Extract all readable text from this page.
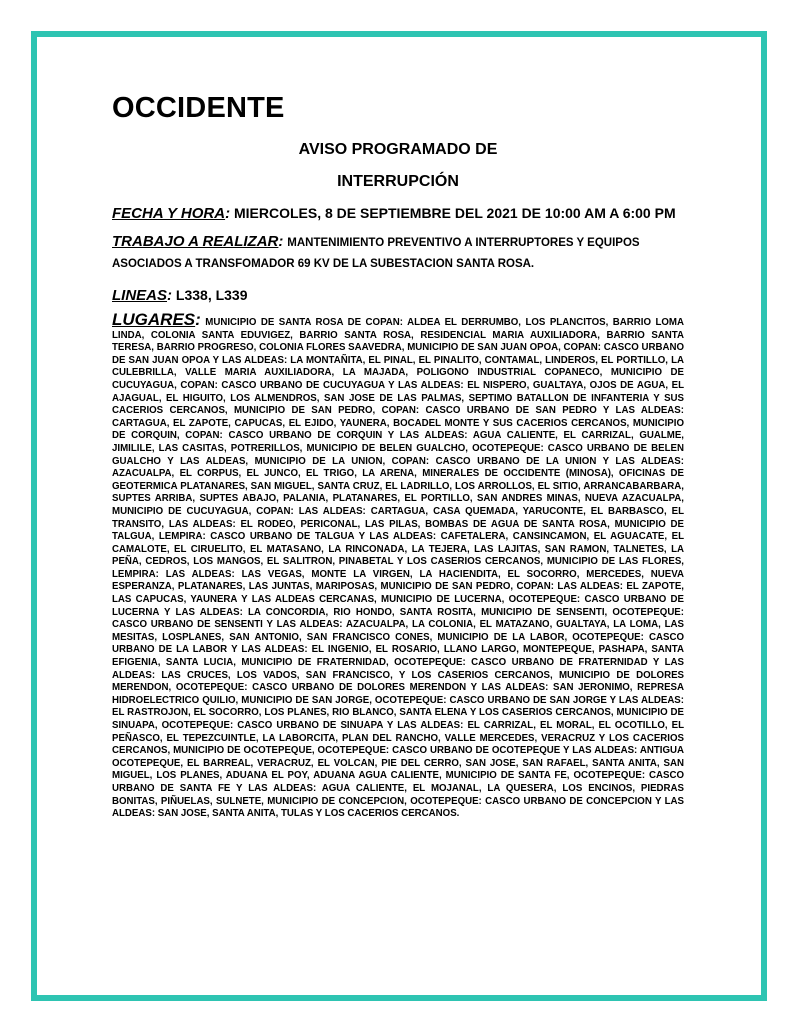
OCCIDENTE
AVISO PROGRAMADO DE
INTERRUPCIÓN
FECHA Y HORA: MIERCOLES, 8 DE SEPTIEMBRE DEL 2021 DE 10:00 AM A 6:00 PM
TRABAJO A REALIZAR: MANTENIMIENTO PREVENTIVO A INTERRUPTORES Y EQUIPOS ASOCIADOS A TRANSFOMADOR 69 KV DE LA SUBESTACION SANTA ROSA.
LINEAS: L338, L339
LUGARES: MUNICIPIO DE SANTA ROSA DE COPAN: ALDEA EL DERRUMBO, LOS PLANCITOS, BARRIO LOMA LINDA, COLONIA SANTA EDUVIGEZ, BARRIO SANTA ROSA, RESIDENCIAL MARIA AUXILIADORA, BARRIO SANTA TERESA, BARRIO PROGRESO, COLONIA FLORES SAAVEDRA, MUNICIPIO DE SAN JUAN OPOA, COPAN: CASCO URBANO DE SAN JUAN OPOA Y LAS ALDEAS: LA MONTAÑITA, EL PINAL, EL PINALITO, CONTAMAL, LINDEROS, EL PORTILLO, LA CULEBRILLA, VALLE MARIA AUXILIADORA, LA MAJADA, POLIGONO INDUSTRIAL COPANECO, MUNICIPIO DE CUCUYAGUA, COPAN: CASCO URBANO DE CUCUYAGUA Y LAS ALDEAS: EL NISPERO, GUALTAYA, OJOS DE AGUA, EL AJAGUAL, EL HIGUITO, LOS ALMENDROS, SAN JOSE DE LAS PALMAS, SEPTIMO BATALLON DE INFANTERIA Y SUS CACERIOS CERCANOS, MUNICIPIO DE SAN PEDRO, COPAN: CASCO URBANO DE SAN PEDRO Y LAS ALDEAS: CARTAGUA, EL ZAPOTE, CAPUCAS, EL EJIDO, YAUNERA, BOCADEL MONTE Y SUS CACERIOS CERCANOS, MUNICIPIO DE CORQUIN, COPAN: CASCO URBANO DE CORQUIN Y LAS ALDEAS: AGUA CALIENTE, EL CARRIZAL, GUALME, JIMILILE, LAS CASITAS, POTRERILLOS, MUNICIPIO DE BELEN GUALCHO, OCOTEPEQUE: CASCO URBANO DE BELEN GUALCHO Y LAS ALDEAS, MUNICIPIO DE LA UNION, COPAN: CASCO URBANO DE LA UNION Y LAS ALDEAS: AZACUALPA, EL CORPUS, EL JUNCO, EL TRIGO, LA ARENA, MINERALES DE OCCIDENTE (MINOSA), OFICINAS DE GEOTERMICA PLATANARES, SAN MIGUEL, SANTA CRUZ, EL LADRILLO, LOS ARROLLOS, EL SITIO, ARRANCABARBARA, SUPTES ARRIBA, SUPTES ABAJO, PALANIA, PLATANARES, EL PORTILLO, SAN ANDRES MINAS, NUEVA AZACUALPA, MUNICIPIO DE CUCUYAGUA, COPAN: LAS ALDEAS: CARTAGUA, CASA QUEMADA, YARUCONTE, EL BARBASCO, EL TRANSITO, LAS ALDEAS: EL RODEO, PERICONAL, LAS PILAS, BOMBAS DE AGUA DE SANTA ROSA, MUNICIPIO DE TALGUA, LEMPIRA: CASCO URBANO DE TALGUA Y LAS ALDEAS: CAFETALERA, CANSINCAMON, EL AGUACATE, EL CAMALOTE, EL CIRUELITO, EL MATASANO, LA RINCONADA, LA TEJERA, LAS LAJITAS, SAN RAMON, TALNETES, LA PEÑA, CEDROS, LOS MANGOS, EL SALITRON, PINABETAL Y LOS CASERIOS CERCANOS, MUNICIPIO DE LAS FLORES, LEMPIRA: LAS ALDEAS: LAS VEGAS, MONTE LA VIRGEN, LA HACIENDITA, EL SOCORRO, MERCEDES, NUEVA ESPERANZA, PLATANARES, LAS JUNTAS, MARIPOSAS, MUNICIPIO DE SAN PEDRO, COPAN: LAS ALDEAS: EL ZAPOTE, LAS CAPUCAS, YAUNERA Y LAS ALDEAS CERCANAS, MUNICIPIO DE LUCERNA, OCOTEPEQUE: CASCO URBANO DE LUCERNA Y LAS ALDEAS: LA CONCORDIA, RIO HONDO, SANTA ROSITA, MUNICIPIO DE SENSENTI, OCOTEPEQUE: CASCO URBANO DE SENSENTI Y LAS ALDEAS: AZACUALPA, LA COLONIA, EL MATAZANO, GUALTAYA, LA LOMA, LAS MESITAS, LOSPLANES, SAN ANTONIO, SAN FRANCISCO CONES, MUNICIPIO DE LA LABOR, OCOTEPEQUE: CASCO URBANO DE LA LABOR Y LAS ALDEAS: EL INGENIO, EL ROSARIO, LLANO LARGO, MONTEPEQUE, PASHAPA, SANTA EFIGENIA, SANTA LUCIA, MUNICIPIO DE FRATERNIDAD, OCOTEPEQUE: CASCO URBANO DE FRATERNIDAD Y LAS ALDEAS: LAS CRUCES, LOS VADOS, SAN FRANCISCO, Y LOS CASERIOS CERCANOS, MUNICIPIO DE DOLORES MERENDON, OCOTEPEQUE: CASCO URBANO DE DOLORES MERENDON Y LAS ALDEAS: SAN JERONIMO, REPRESA HIDROELECTRICO QUILIO, MUNICIPIO DE SAN JORGE, OCOTEPEQUE: CASCO URBANO DE SAN JORGE Y LAS ALDEAS: EL RASTROJON, EL SOCORRO, LOS PLANES, RIO BLANCO, SANTA ELENA Y LOS CASERIOS CERCANOS, MUNICIPIO DE SINUAPA, OCOTEPEQUE: CASCO URBANO DE SINUAPA Y LAS ALDEAS: EL CARRIZAL, EL MORAL, EL OCOTILLO, EL PEÑASCO, EL TEPEZCUINTLE, LA LABORCITA, PLAN DEL RANCHO, VALLE MERCEDES, VERACRUZ Y LOS CACERIOS CERCANOS, MUNICIPIO DE OCOTEPEQUE, OCOTEPEQUE: CASCO URBANO DE OCOTEPEQUE Y LAS ALDEAS: ANTIGUA OCOTEPEQUE, EL BARREAL, VERACRUZ, EL VOLCAN, PIE DEL CERRO, SAN JOSE, SAN RAFAEL, SANTA ANITA, SAN MIGUEL, LOS PLANES, ADUANA EL POY, ADUANA AGUA CALIENTE, MUNICIPIO DE SANTA FE, OCOTEPEQUE: CASCO URBANO DE SANTA FE Y LAS ALDEAS: AGUA CALIENTE, EL MOJANAL, LA QUESERA, LOS ENCINOS, PIEDRAS BONITAS, PIÑUELAS, SULNETE, MUNICIPIO DE CONCEPCION, OCOTEPEQUE: CASCO URBANO DE CONCEPCION Y LAS ALDEAS: SAN JOSE, SANTA ANITA, TULAS Y LOS CACERIOS CERCANOS.
